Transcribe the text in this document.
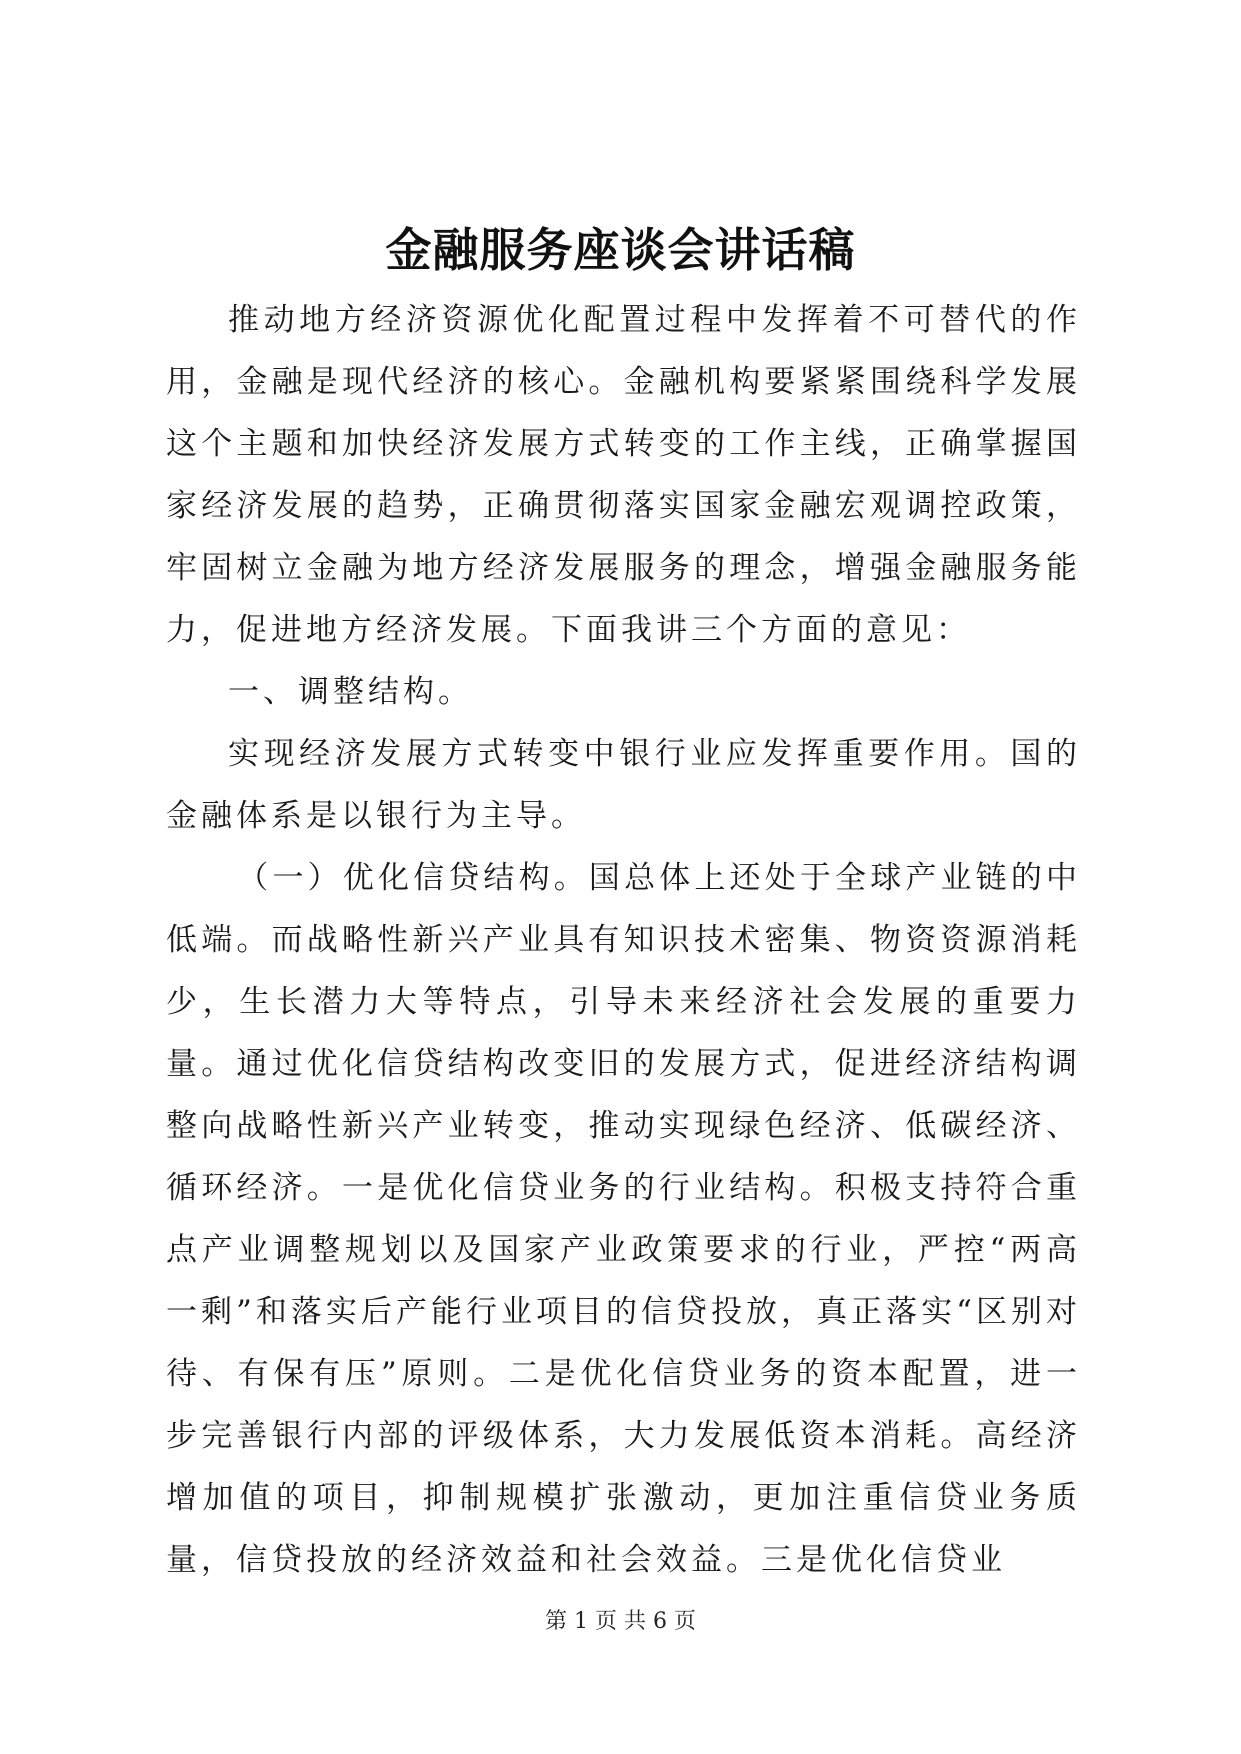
金融服务座谈会讲话稿

推动地方经济资源优化配置过程中发挥着不可替代的作用，金融是现代经济的核心。金融机构要紧紧围绕科学发展这个主题和加快经济发展方式转变的工作主线，正确掌握国家经济发展的趋势，正确贯彻落实国家金融宏观调控政策，牢固树立金融为地方经济发展服务的理念，增强金融服务能力，促进地方经济发展。下面我讲三个方面的意见：

一、调整结构。

实现经济发展方式转变中银行业应发挥重要作用。国的金融体系是以银行为主导。

（一）优化信贷结构。国总体上还处于全球产业链的中低端。而战略性新兴产业具有知识技术密集、物资资源消耗少，生长潜力大等特点，引导未来经济社会发展的重要力量。通过优化信贷结构改变旧的发展方式，促进经济结构调整向战略性新兴产业转变，推动实现绿色经济、低碳经济、循环经济。一是优化信贷业务的行业结构。积极支持符合重点产业调整规划以及国家产业政策要求的行业，严控“两高一剩”和落实后产能行业项目的信贷投放，真正落实“区别对待、有保有压”原则。二是优化信贷业务的资本配置，进一步完善银行内部的评级体系，大力发展低资本消耗。高经济增加值的项目，抑制规模扩张激动，更加注重信贷业务质量，信贷投放的经济效益和社会效益。三是优化信贷业

第 1 页 共 6 页
